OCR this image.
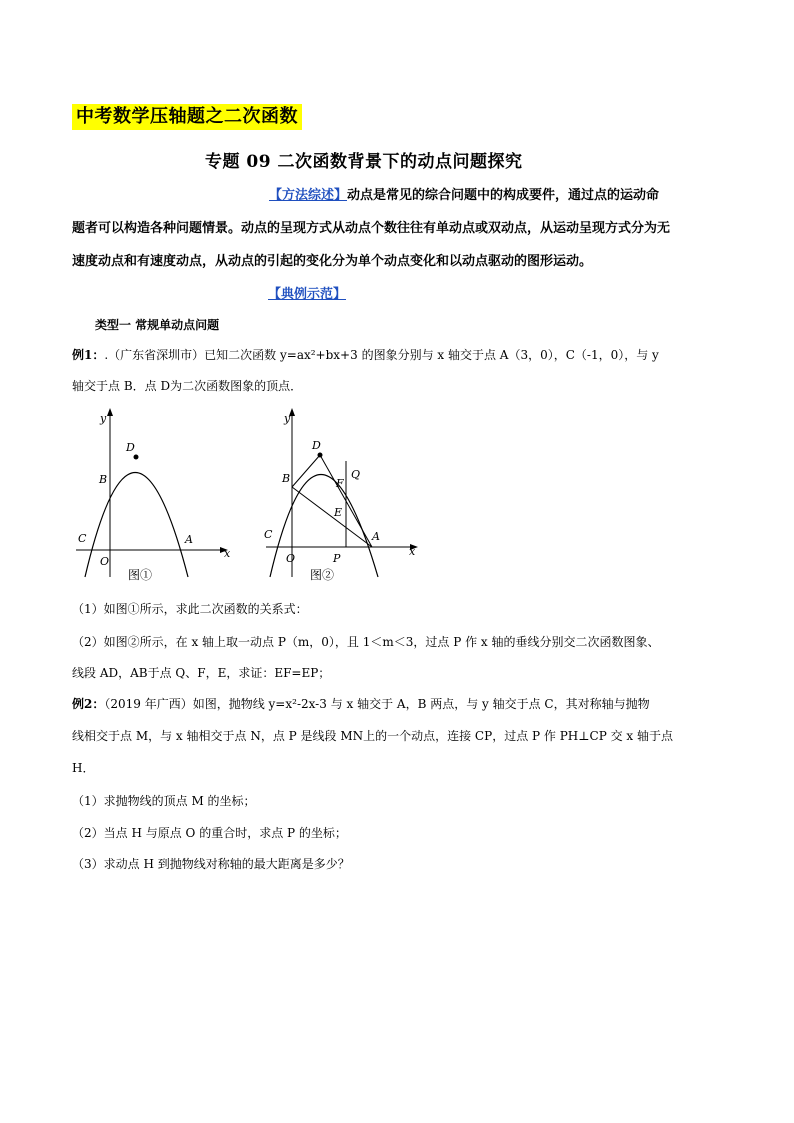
中考数学压轴题之二次函数
专题 09 二次函数背景下的动点问题探究
【方法综述】动点是常见的综合问题中的构成要件，通过点的运动命
题者可以构造各种问题情景。动点的呈现方式从动点个数往往有单动点或双动点，从运动呈现方式分为无
速度动点和有速度动点，从动点的引起的变化分为单个动点变化和以动点驱动的图形运动。
【典例示范】
类型一 常规单动点问题
例1：.（广东省深圳市）已知二次函数 y=ax²+bx+3 的图象分别与 x 轴交于点 A（3，0），C（-1，0），与 y
轴交于点 B．点 D为二次函数图象的顶点．
y
x
D
B
C
O
A
图①
y
x
D
B
C
O
A
Q
F
E
P
图②
（1）如图①所示，求此二次函数的关系式：
（2）如图②所示，在 x 轴上取一动点 P（m，0），且 1＜m＜3，过点 P 作 x 轴的垂线分别交二次函数图象、
线段 AD，AB于点 Q、F，E，求证：EF=EP；
例2：（2019 年广西）如图，抛物线 y=x²-2x-3 与 x 轴交于 A，B 两点，与 y 轴交于点 C，其对称轴与抛物
线相交于点 M，与 x 轴相交于点 N，点 P 是线段 MN上的一个动点，连接 CP，过点 P 作 PH⊥CP 交 x 轴于点
H．
（1）求抛物线的顶点 M 的坐标；
（2）当点 H 与原点 O 的重合时，求点 P 的坐标；
（3）求动点 H 到抛物线对称轴的最大距离是多少？
